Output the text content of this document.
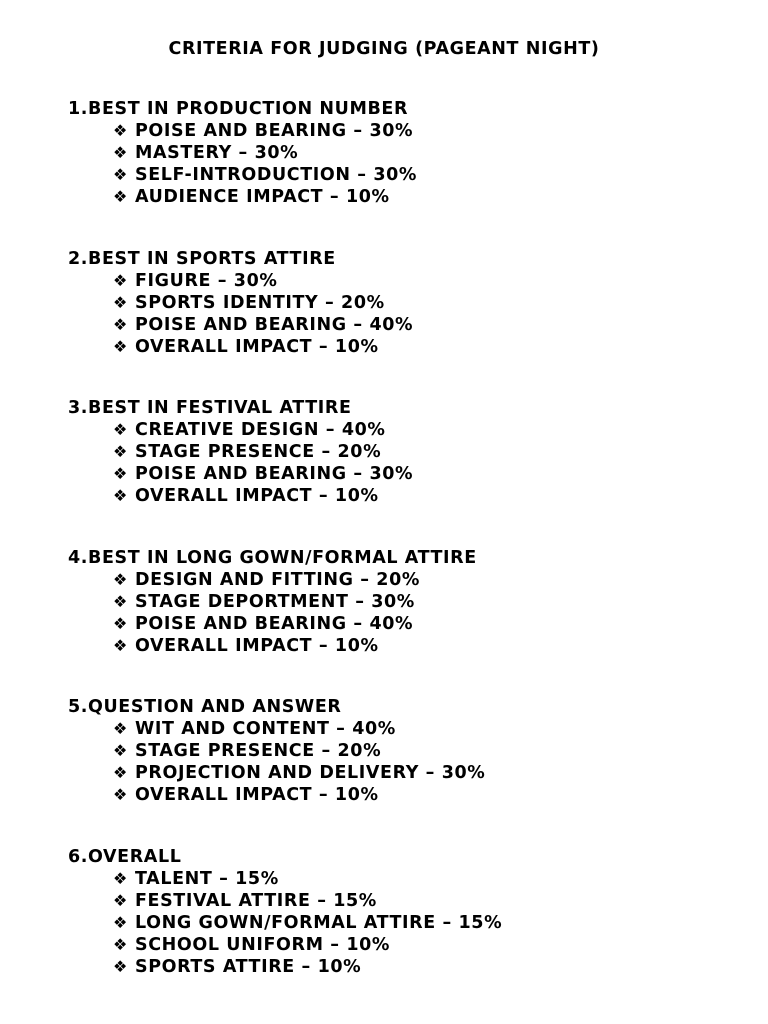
CRITERIA FOR JUDGING (PAGEANT NIGHT)
1.BEST IN PRODUCTION NUMBER
❖ POISE AND BEARING – 30%
❖ MASTERY – 30%
❖ SELF-INTRODUCTION – 30%
❖ AUDIENCE IMPACT – 10%
2.BEST IN SPORTS ATTIRE
❖ FIGURE – 30%
❖ SPORTS IDENTITY – 20%
❖ POISE AND BEARING – 40%
❖ OVERALL IMPACT – 10%
3.BEST IN FESTIVAL ATTIRE
❖ CREATIVE DESIGN – 40%
❖ STAGE PRESENCE – 20%
❖ POISE AND BEARING – 30%
❖ OVERALL IMPACT – 10%
4.BEST IN LONG GOWN/FORMAL ATTIRE
❖ DESIGN AND FITTING – 20%
❖ STAGE DEPORTMENT – 30%
❖ POISE AND BEARING – 40%
❖ OVERALL IMPACT – 10%
5.QUESTION AND ANSWER
❖ WIT AND CONTENT – 40%
❖ STAGE PRESENCE – 20%
❖ PROJECTION AND DELIVERY – 30%
❖ OVERALL IMPACT – 10%
6.OVERALL
❖ TALENT – 15%
❖ FESTIVAL ATTIRE – 15%
❖ LONG GOWN/FORMAL ATTIRE – 15%
❖ SCHOOL UNIFORM – 10%
❖ SPORTS ATTIRE – 10%
